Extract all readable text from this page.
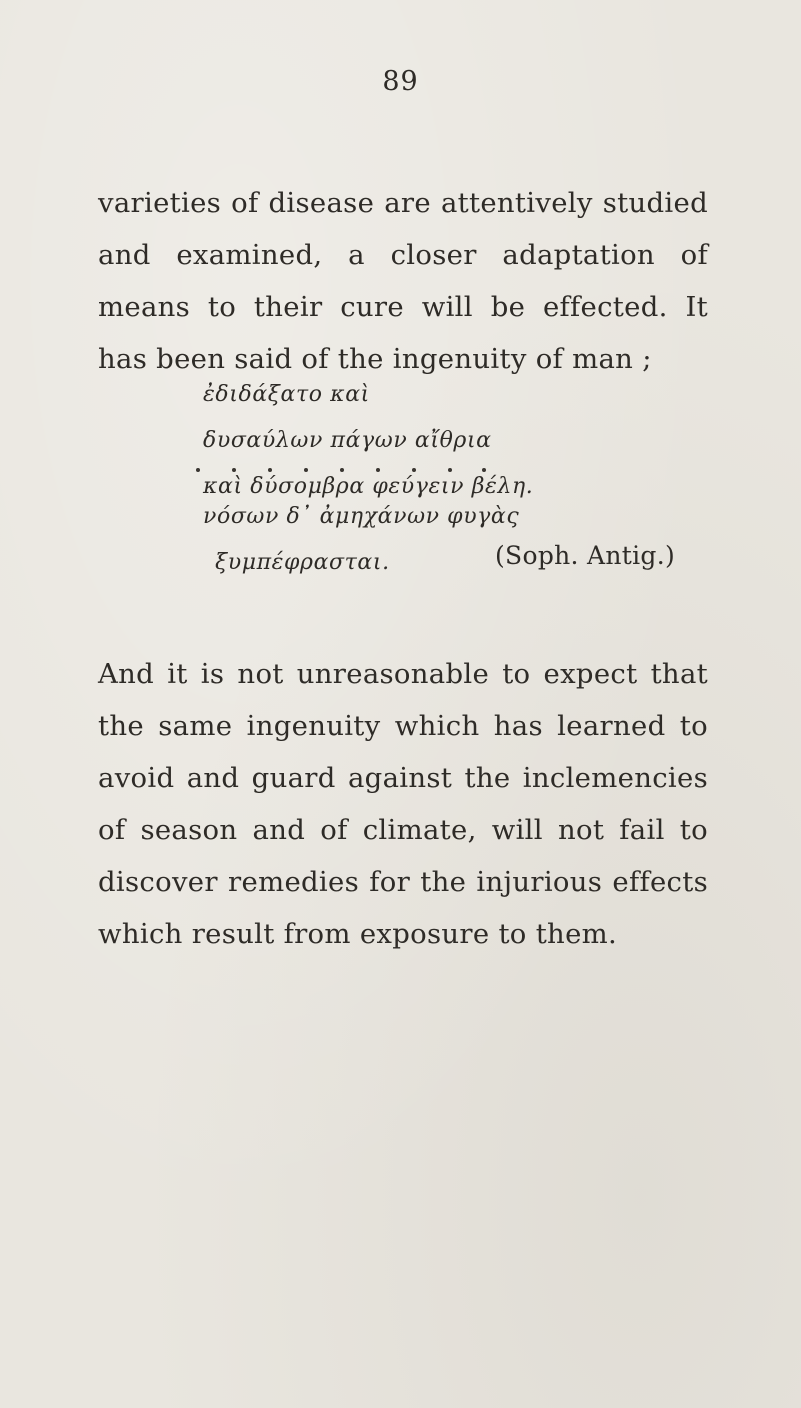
89
varieties of disease are attentively studied
and examined, a closer adaptation of
means to their cure will be effected. It
has been said of the ingenuity of man ;
ἐδιδάξατο καὶ
δυσαύλων πάγων αἴθρια
καὶ δύσομβρα φεύγειν βέλη.
νόσων δ᾽ ἀμηχάνων φυγὰς
ξυμπέφρασται.	(Soph. Antig.)
And it is not unreasonable to expect that
the same ingenuity which has learned to
avoid and guard against the inclemencies
of season and of climate, will not fail to
discover remedies for the injurious effects
which result from exposure to them.
